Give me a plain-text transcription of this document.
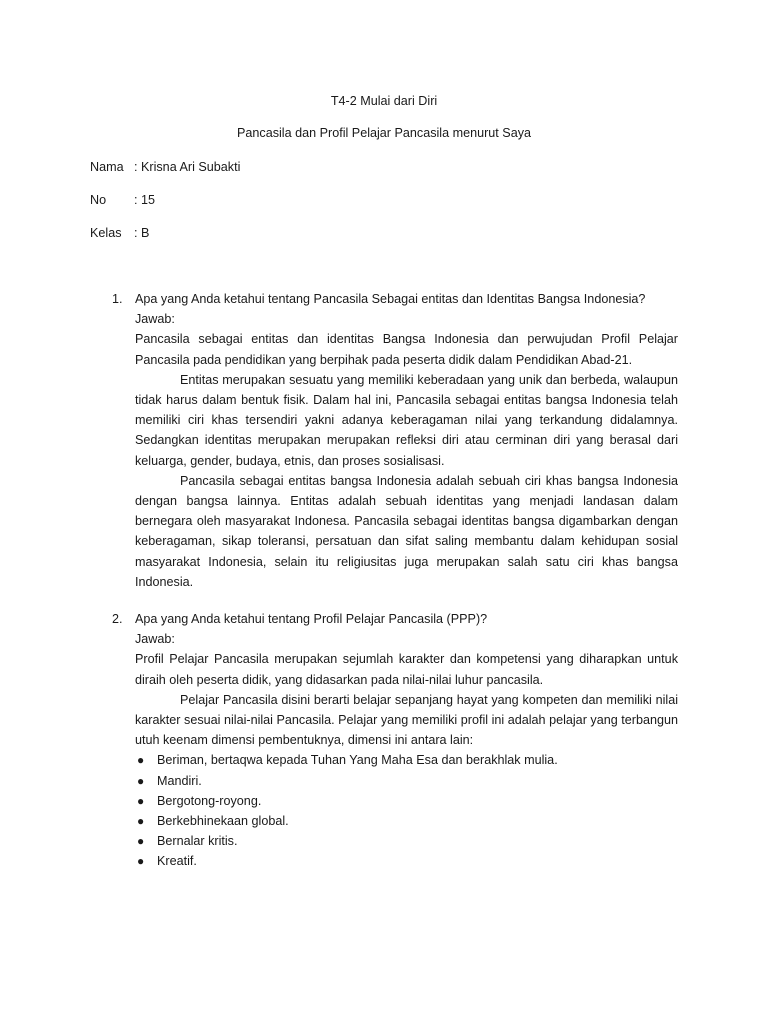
T4-2 Mulai dari Diri
Pancasila dan Profil Pelajar Pancasila menurut Saya
Nama : Krisna Ari Subakti
No : 15
Kelas : B
1. Apa yang Anda ketahui tentang Pancasila Sebagai entitas dan Identitas Bangsa Indonesia?
Jawab:

Pancasila sebagai entitas dan identitas Bangsa Indonesia dan perwujudan Profil Pelajar Pancasila pada pendidikan yang berpihak pada peserta didik dalam Pendidikan Abad-21.

Entitas merupakan sesuatu yang memiliki keberadaan yang unik dan berbeda, walaupun tidak harus dalam bentuk fisik. Dalam hal ini, Pancasila sebagai entitas bangsa Indonesia telah memiliki ciri khas tersendiri yakni adanya keberagaman nilai yang terkandung didalamnya. Sedangkan identitas merupakan merupakan refleksi diri atau cerminan diri yang berasal dari keluarga, gender, budaya, etnis, dan proses sosialisasi.

Pancasila sebagai entitas bangsa Indonesia adalah sebuah ciri khas bangsa Indonesia dengan bangsa lainnya. Entitas adalah sebuah identitas yang menjadi landasan dalam bernegara oleh masyarakat Indonesa. Pancasila sebagai identitas bangsa digambarkan dengan keberagaman, sikap toleransi, persatuan dan sifat saling membantu dalam kehidupan sosial masyarakat Indonesia, selain itu religiusitas juga merupakan salah satu ciri khas bangsa Indonesia.

2. Apa yang Anda ketahui tentang Profil Pelajar Pancasila (PPP)?
Jawab:

Profil Pelajar Pancasila merupakan sejumlah karakter dan kompetensi yang diharapkan untuk diraih oleh peserta didik, yang didasarkan pada nilai-nilai luhur pancasila.

Pelajar Pancasila disini berarti belajar sepanjang hayat yang kompeten dan memiliki nilai karakter sesuai nilai-nilai Pancasila. Pelajar yang memiliki profil ini adalah pelajar yang terbangun utuh keenam dimensi pembentuknya, dimensi ini antara lain:

● Beriman, bertaqwa kepada Tuhan Yang Maha Esa dan berakhlak mulia.
● Mandiri.
● Bergotong-royong.
● Berkebhinekaan global.
● Bernalar kritis.
● Kreatif.
